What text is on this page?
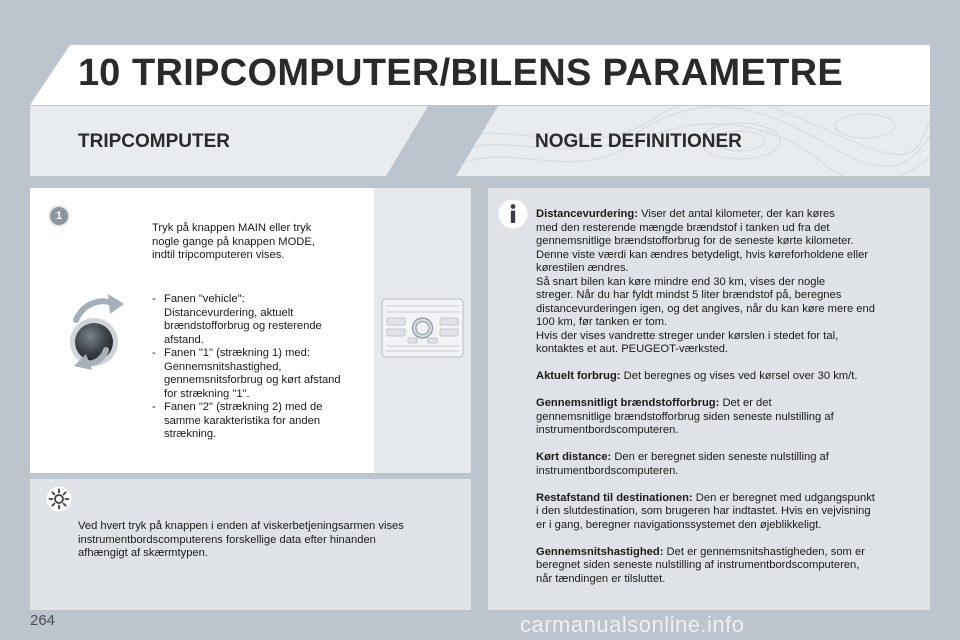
10 TRIPCOMPUTER/BILENS PARAMETRE
TRIPCOMPUTER	NOGLE DEFINITIONER
1
Tryk på knappen MAIN eller tryk
nogle gange på knappen MODE,
indtil tripcomputeren vises.
- Fanen "vehicle":
Distancevurdering, aktuelt
brændstofforbrug og resterende
afstand.
- Fanen "1" (strækning 1) med:
Gennemsnitshastighed,
gennemsnitsforbrug og kørt afstand
for strækning "1".
- Fanen "2" (strækning 2) med de
samme karakteristika for anden
strækning.
Ved hvert tryk på knappen i enden af viskerbetjeningsarmen vises
instrumentbordscomputerens forskellige data efter hinanden
afhængigt af skærmtypen.
Distancevurdering: Viser det antal kilometer, der kan køres
med den resterende mængde brændstof i tanken ud fra det
gennemsnitlige brændstofforbrug for de seneste kørte kilometer.
Denne viste værdi kan ændres betydeligt, hvis køreforholdene eller
kørestilen ændres.
Så snart bilen kan køre mindre end 30 km, vises der nogle
streger. Når du har fyldt mindst 5 liter brændstof på, beregnes
distancevurderingen igen, og det angives, når du kan køre mere end
100 km, før tanken er tom.
Hvis der vises vandrette streger under kørslen i stedet for tal,
kontaktes et aut. PEUGEOT-værksted.
Aktuelt forbrug: Det beregnes og vises ved kørsel over 30 km/t.
Gennemsnitligt brændstofforbrug: Det er det
gennemsnitlige brændstofforbrug siden seneste nulstilling af
instrumentbordscomputeren.
Kørt distance: Den er beregnet siden seneste nulstilling af
instrumentbordscomputeren.
Restafstand til destinationen: Den er beregnet med udgangspunkt
i den slutdestination, som brugeren har indtastet. Hvis en vejvisning
er i gang, beregner navigationssystemet den øjeblikkeligt.
Gennemsnitshastighed: Det er gennemsnitshastigheden, som er
beregnet siden seneste nulstilling af instrumentbordscomputeren,
når tændingen er tilsluttet.
264	carmanualsonline.info
